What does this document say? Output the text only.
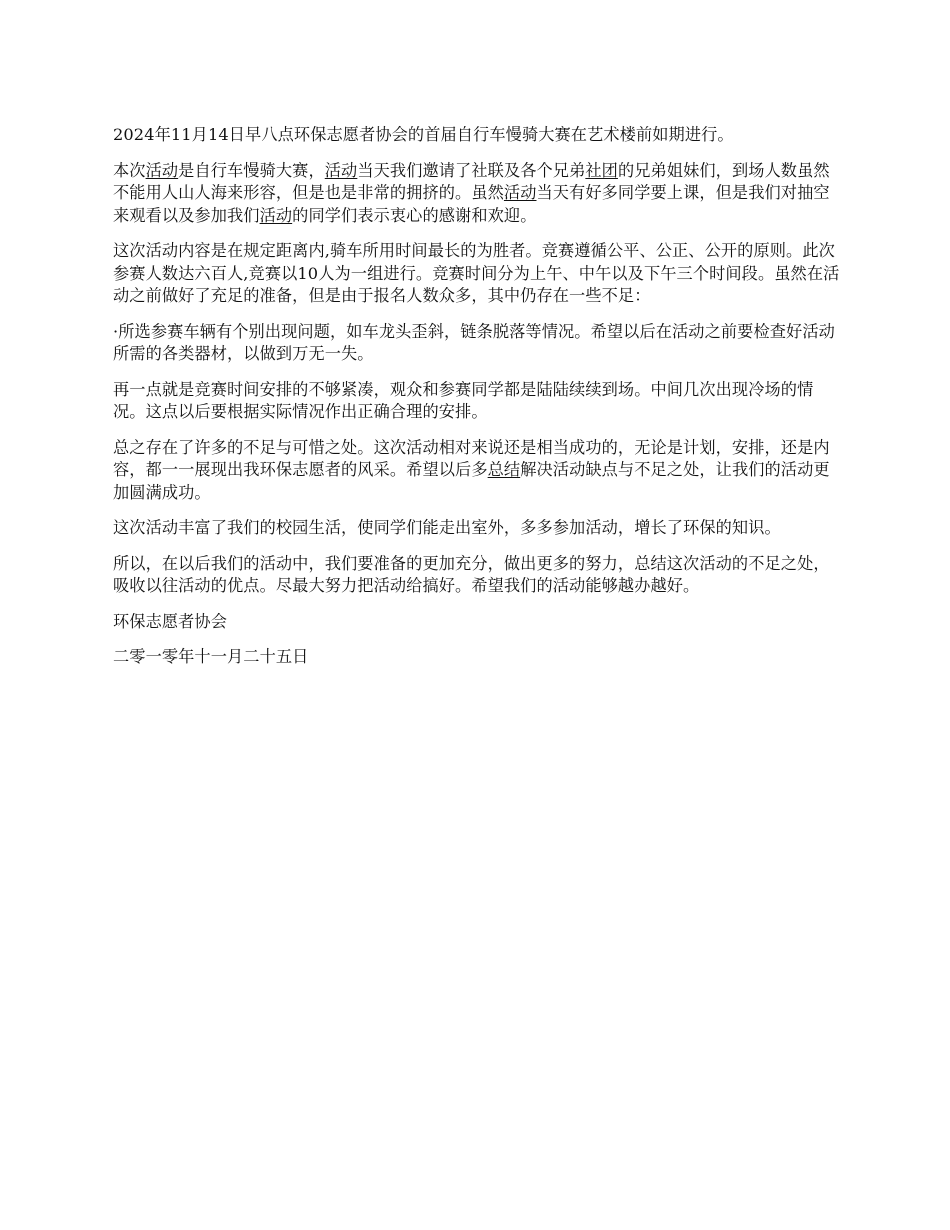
2024年11月14日早八点环保志愿者协会的首届自行车慢骑大赛在艺术楼前如期进行。

本次活动是自行车慢骑大赛，活动当天我们邀请了社联及各个兄弟社团的兄弟姐妹们，到场人数虽然不能用人山人海来形容，但是也是非常的拥挤的。虽然活动当天有好多同学要上课，但是我们对抽空来观看以及参加我们活动的同学们表示衷心的感谢和欢迎。

这次活动内容是在规定距离内,骑车所用时间最长的为胜者。竞赛遵循公平、公正、公开的原则。此次参赛人数达六百人,竞赛以10人为一组进行。竞赛时间分为上午、中午以及下午三个时间段。虽然在活动之前做好了充足的准备，但是由于报名人数众多，其中仍存在一些不足：

·所选参赛车辆有个别出现问题，如车龙头歪斜，链条脱落等情况。希望以后在活动之前要检查好活动所需的各类器材，以做到万无一失。

再一点就是竞赛时间安排的不够紧凑，观众和参赛同学都是陆陆续续到场。中间几次出现冷场的情况。这点以后要根据实际情况作出正确合理的安排。

总之存在了许多的不足与可惜之处。这次活动相对来说还是相当成功的，无论是计划，安排，还是内容，都一一展现出我环保志愿者的风采。希望以后多总结解决活动缺点与不足之处，让我们的活动更加圆满成功。

这次活动丰富了我们的校园生活，使同学们能走出室外，多多参加活动，增长了环保的知识。

所以，在以后我们的活动中，我们要准备的更加充分，做出更多的努力，总结这次活动的不足之处，吸收以往活动的优点。尽最大努力把活动给搞好。希望我们的活动能够越办越好。

环保志愿者协会

二零一零年十一月二十五日
